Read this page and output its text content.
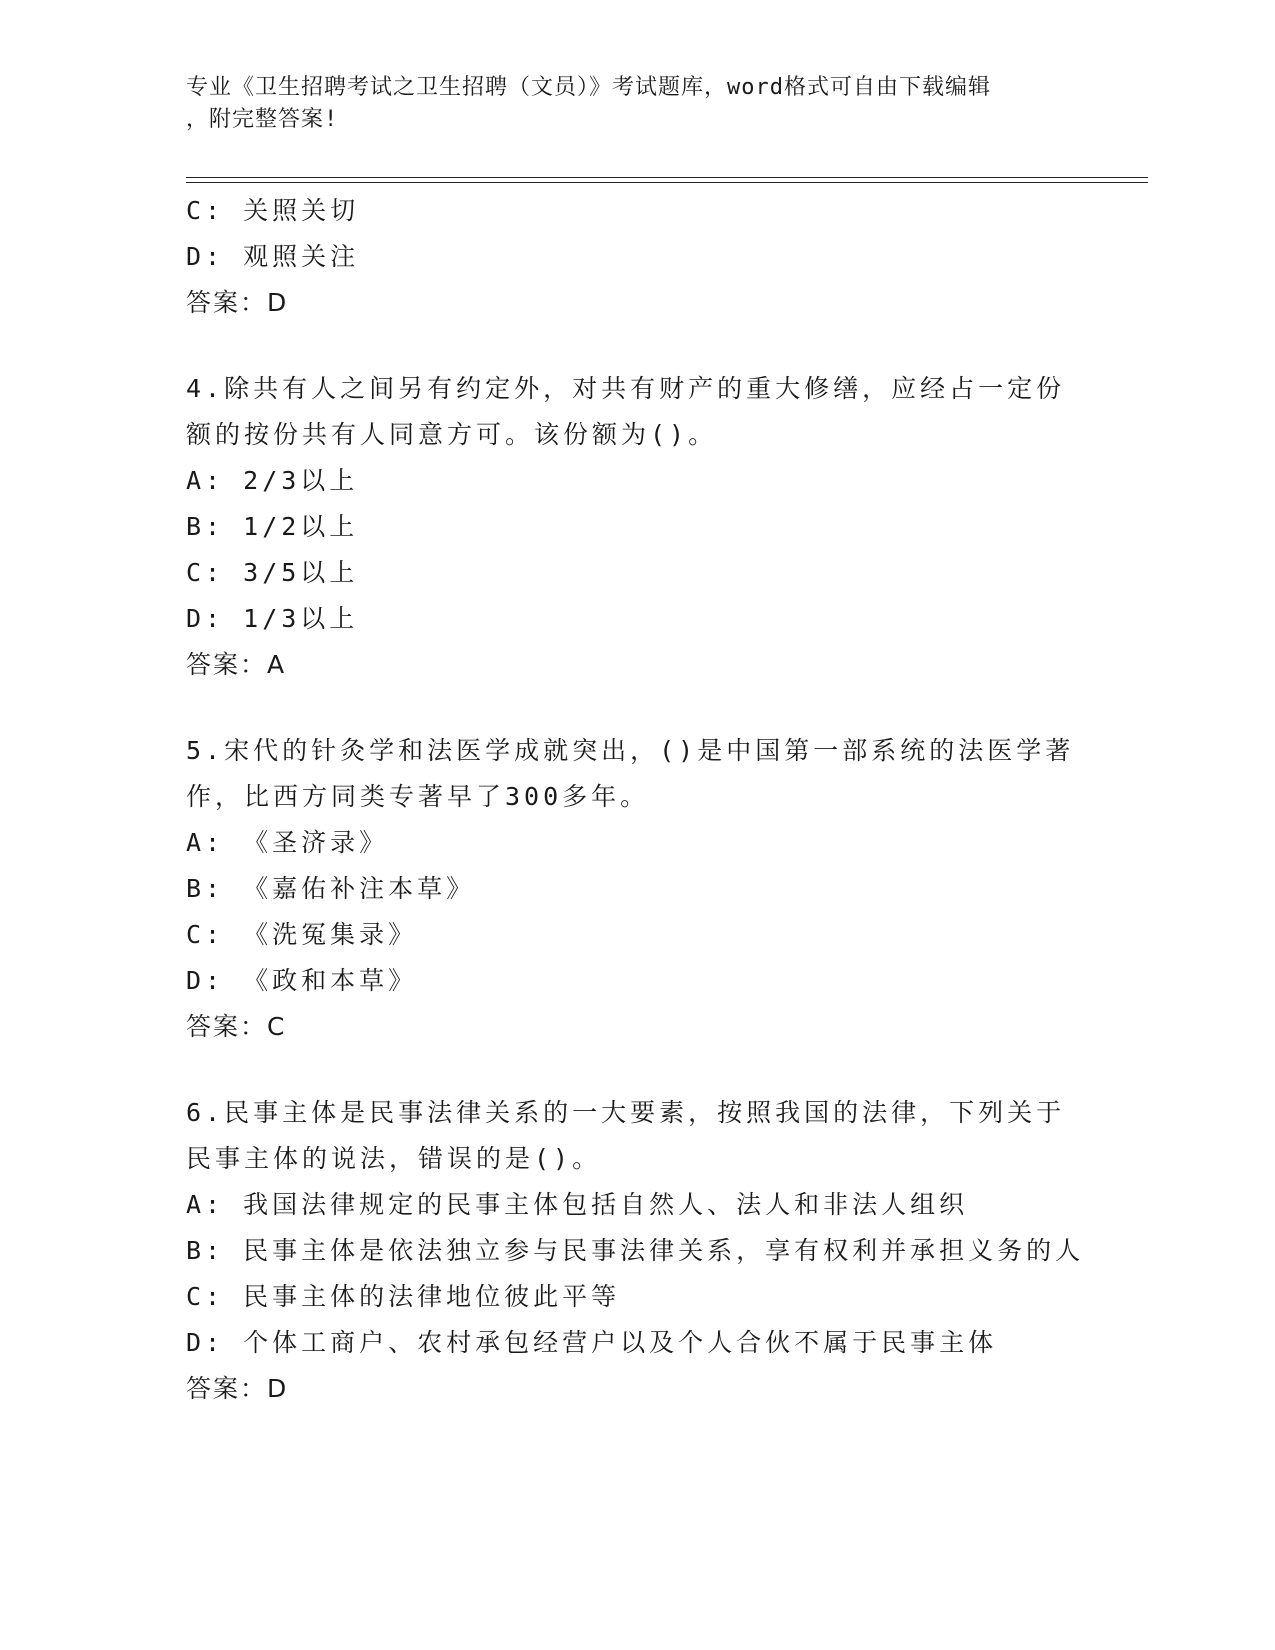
专业《卫生招聘考试之卫生招聘（文员）》考试题库，word格式可自由下载编辑
，附完整答案!
C: 关照关切
D: 观照关注
答案：D
4.除共有人之间另有约定外，对共有财产的重大修缮，应经占一定份
额的按份共有人同意方可。该份额为()。
A: 2/3以上
B: 1/2以上
C: 3/5以上
D: 1/3以上
答案：A
5.宋代的针灸学和法医学成就突出，()是中国第一部系统的法医学著
作，比西方同类专著早了300多年。
A: 《圣济录》
B: 《嘉佑补注本草》
C: 《洗冤集录》
D: 《政和本草》
答案：C
6.民事主体是民事法律关系的一大要素，按照我国的法律，下列关于
民事主体的说法，错误的是()。
A: 我国法律规定的民事主体包括自然人、法人和非法人组织
B: 民事主体是依法独立参与民事法律关系，享有权利并承担义务的人
C: 民事主体的法律地位彼此平等
D: 个体工商户、农村承包经营户以及个人合伙不属于民事主体
答案：D
